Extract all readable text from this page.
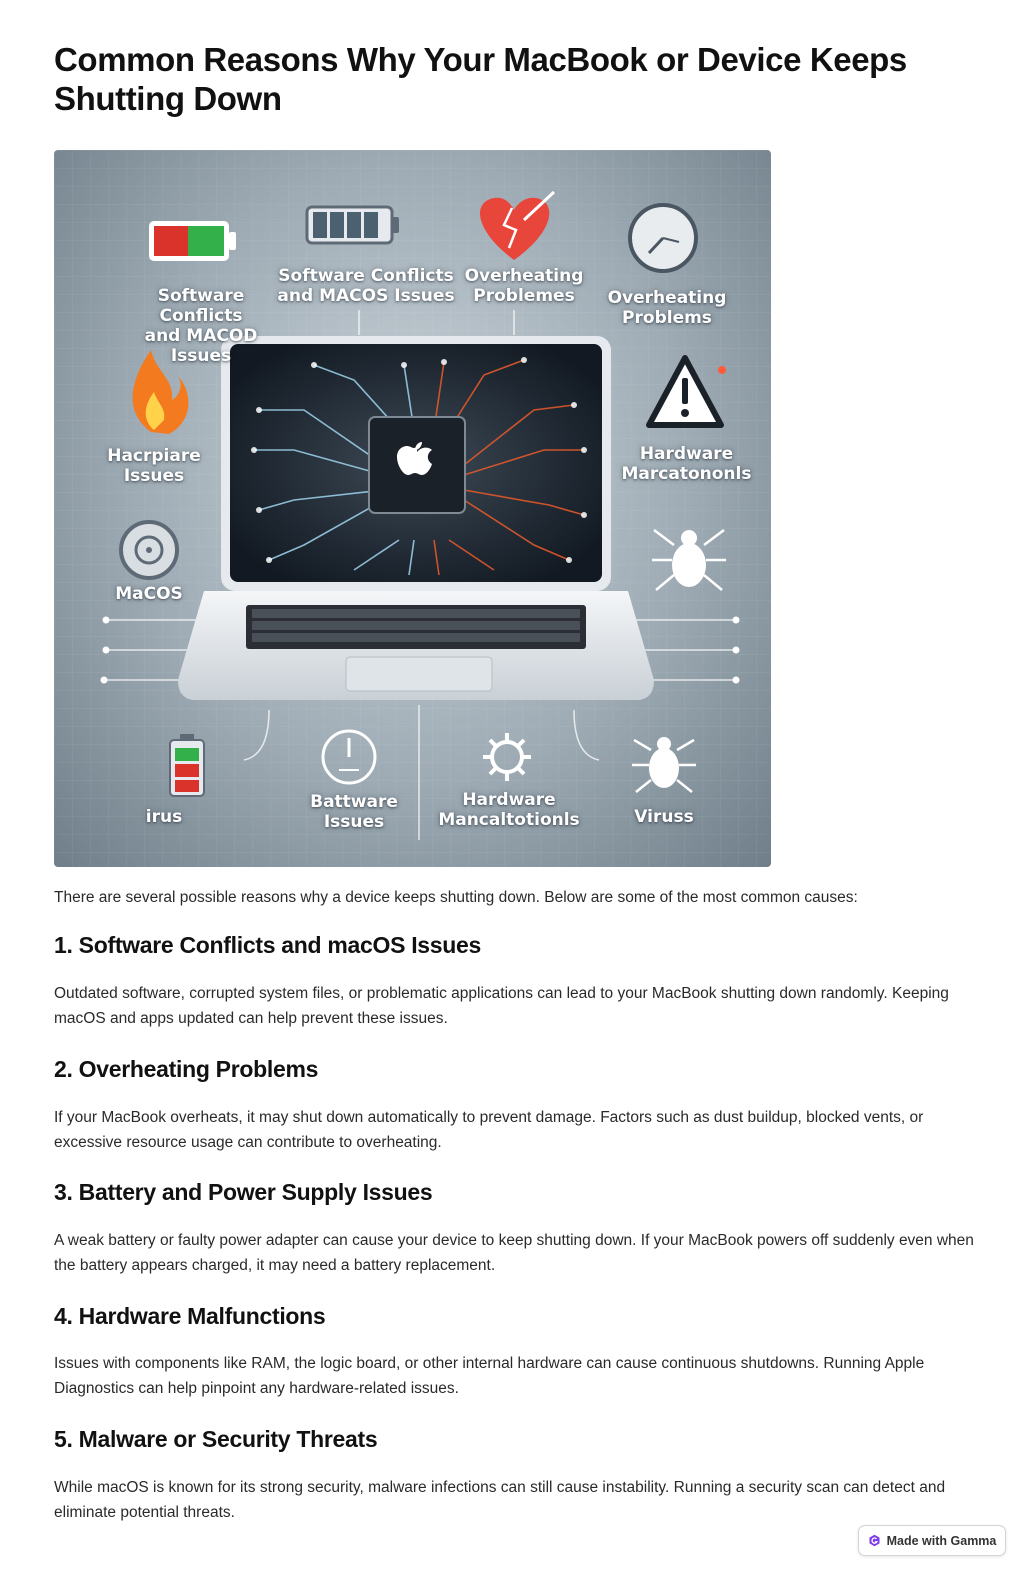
Common Reasons Why Your MacBook or Device Keeps Shutting Down
Software Conflicts
and MACOD Issues
Software Conflicts
and MACOS Issues
Overheating
Problemes	Overheating
Problems
Hacrpiare
Issues
Hardware
Marcatononls
MaCOS
irus
Battware
Issues
Hardware
Mancaltotionls	Viruss

There are several possible reasons why a device keeps shutting down. Below are some of the most common causes:

1. Software Conflicts and macOS Issues

Outdated software, corrupted system files, or problematic applications can lead to your MacBook shutting down randomly. Keeping macOS and apps updated can help prevent these issues.

2. Overheating Problems

If your MacBook overheats, it may shut down automatically to prevent damage. Factors such as dust buildup, blocked vents, or excessive resource usage can contribute to overheating.

3. Battery and Power Supply Issues

A weak battery or faulty power adapter can cause your device to keep shutting down. If your MacBook powers off suddenly even when the battery appears charged, it may need a battery replacement.

4. Hardware Malfunctions

Issues with components like RAM, the logic board, or other internal hardware can cause continuous shutdowns. Running Apple Diagnostics can help pinpoint any hardware-related issues.

5. Malware or Security Threats

While macOS is known for its strong security, malware infections can still cause instability. Running a security scan can detect and eliminate potential threats.

Made with Gamma
